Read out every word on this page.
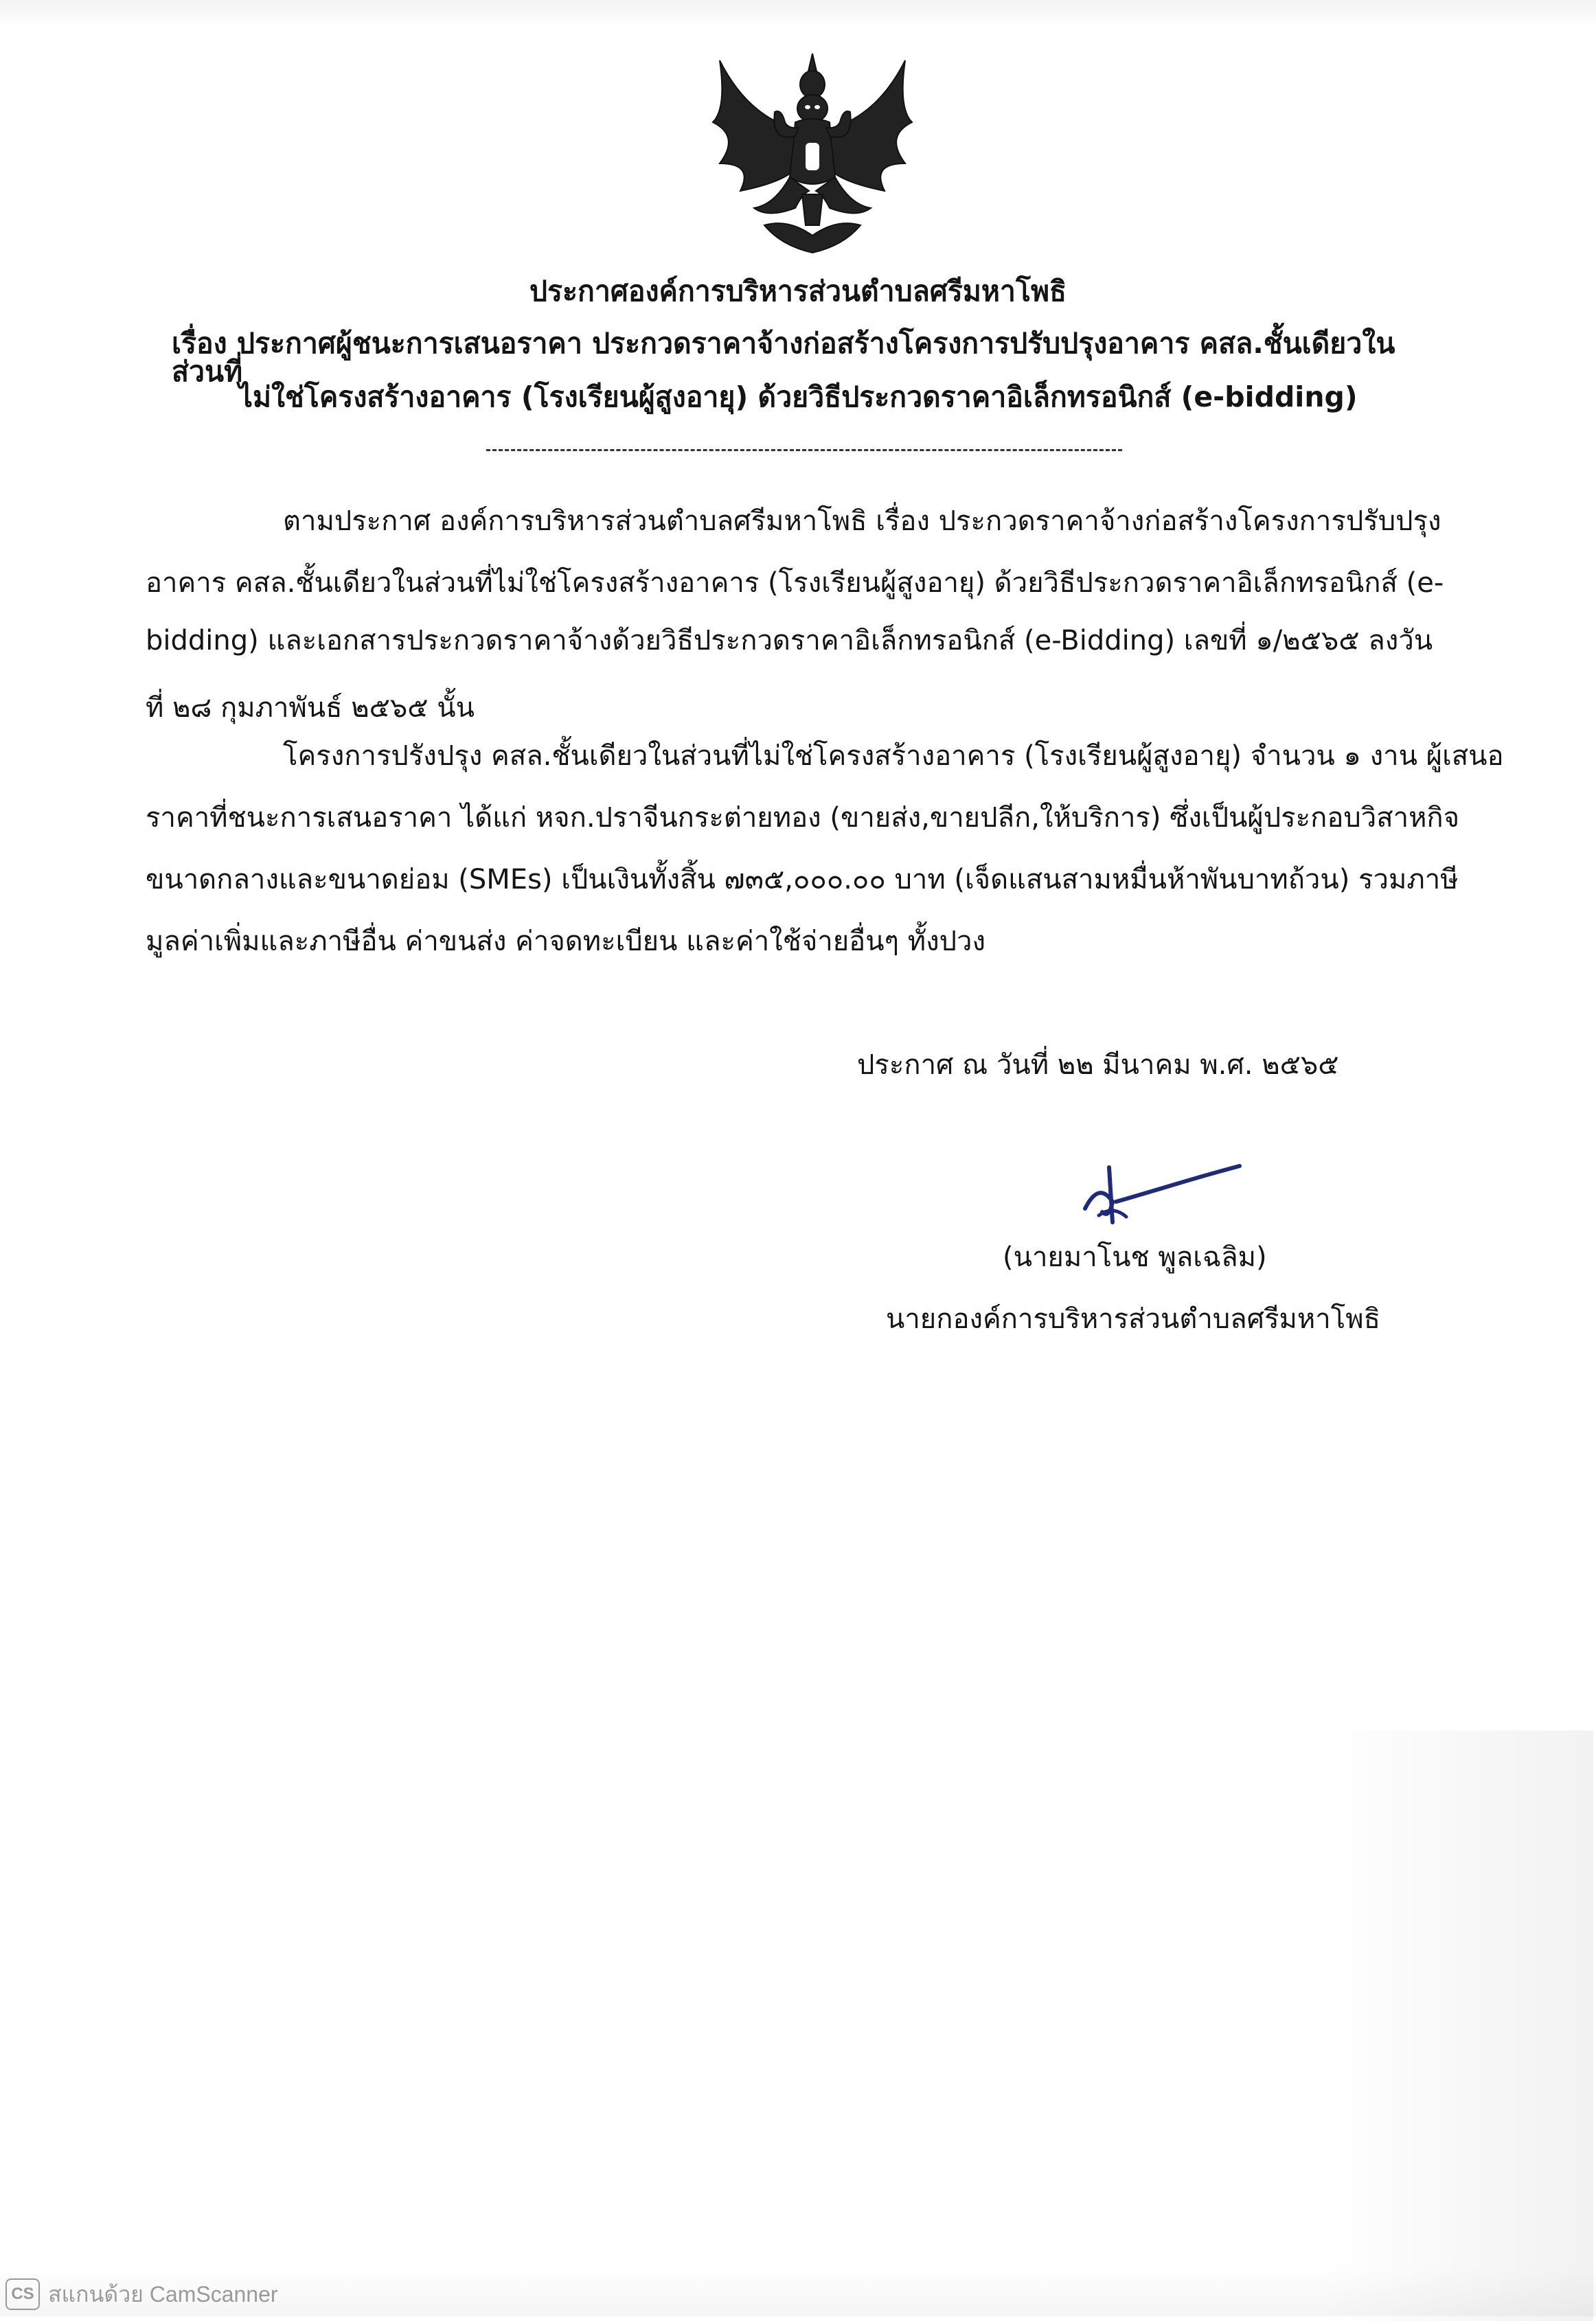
ประกาศองค์การบริหารส่วนตำบลศรีมหาโพธิ
เรื่อง ประกาศผู้ชนะการเสนอราคา ประกวดราคาจ้างก่อสร้างโครงการปรับปรุงอาคาร คสล.ชั้นเดียวในส่วนที่
ไม่ใช่โครงสร้างอาคาร (โรงเรียนผู้สูงอายุ) ด้วยวิธีประกวดราคาอิเล็กทรอนิกส์ (e-bidding)
ตามประกาศ องค์การบริหารส่วนตำบลศรีมหาโพธิ เรื่อง ประกวดราคาจ้างก่อสร้างโครงการปรับปรุง
อาคาร คสล.ชั้นเดียวในส่วนที่ไม่ใช่โครงสร้างอาคาร (โรงเรียนผู้สูงอายุ) ด้วยวิธีประกวดราคาอิเล็กทรอนิกส์ (e-
bidding) และเอกสารประกวดราคาจ้างด้วยวิธีประกวดราคาอิเล็กทรอนิกส์ (e-Bidding) เลขที่ ๑/๒๕๖๕ ลงวัน
ที่ ๒๘ กุมภาพันธ์ ๒๕๖๕ นั้น
โครงการปรังปรุง คสล.ชั้นเดียวในส่วนที่ไม่ใช่โครงสร้างอาคาร (โรงเรียนผู้สูงอายุ) จำนวน ๑ งาน ผู้เสนอ
ราคาที่ชนะการเสนอราคา ได้แก่ หจก.ปราจีนกระต่ายทอง (ขายส่ง,ขายปลีก,ให้บริการ) ซึ่งเป็นผู้ประกอบวิสาหกิจ
ขนาดกลางและขนาดย่อม (SMEs) เป็นเงินทั้งสิ้น ๗๓๕,๐๐๐.๐๐ บาท (เจ็ดแสนสามหมื่นห้าพันบาทถ้วน) รวมภาษี
มูลค่าเพิ่มและภาษีอื่น ค่าขนส่ง ค่าจดทะเบียน และค่าใช้จ่ายอื่นๆ ทั้งปวง
ประกาศ ณ วันที่ ๒๒ มีนาคม พ.ศ. ๒๕๖๕
(นายมาโนช พูลเฉลิม)
นายกองค์การบริหารส่วนตำบลศรีมหาโพธิ
CS สแกนด้วย CamScanner
